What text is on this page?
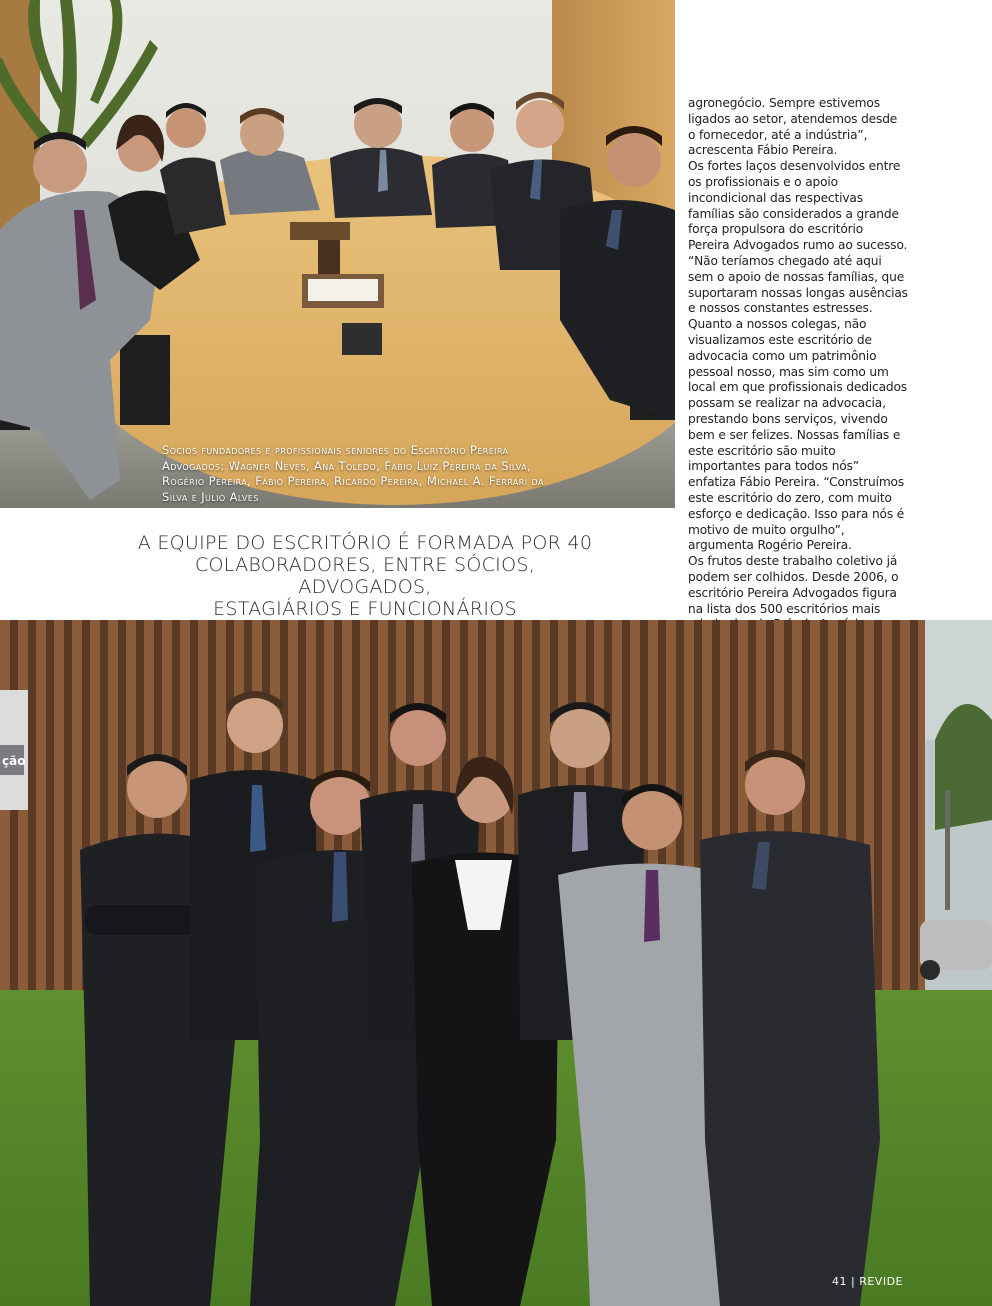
Sócios fundadores e profissionais seniores do Escritório Pereira Advogados: Wagner Neves, Ana Toledo, Fábio Luiz Pereira da Silva, Rogério Pereira, Fábio Pereira, Ricardo Pereira, Michael A. Ferrari da Silva e Júlio Alves

agronegócio. Sempre estivemos ligados ao setor, atendemos desde o fornecedor, até a indústria”, acrescenta Fábio Pereira.

Os fortes laços desenvolvidos entre os profissionais e o apoio incondicional das respectivas famílias são considerados a grande força propulsora do escritório Pereira Advogados rumo ao sucesso. “Não teríamos chegado até aqui sem o apoio de nossas famílias, que suportaram nossas longas ausências e nossos constantes estresses. Quanto a nossos colegas, não visualizamos este escritório de advocacia como um patrimônio pessoal nosso, mas sim como um local em que profissionais dedicados possam se realizar na advocacia, prestando bons serviços, vivendo bem e ser felizes. Nossas famílias e este escritório são muito importantes para todos nós” enfatiza Fábio Pereira. “Construímos este escritório do zero, com muito esforço e dedicação. Isso para nós é motivo de muito orgulho”, argumenta Rogério Pereira.

Os frutos deste trabalho coletivo já podem ser colhidos. Desde 2006, o escritório Pereira Advogados figura na lista dos 500 escritórios mais

A EQUIPE DO ESCRITÓRIO É FORMADA POR 40
COLABORADORES, ENTRE SÓCIOS, ADVOGADOS,
ESTAGIÁRIOS E FUNCIONÁRIOS
ção
41 | REVIDE
